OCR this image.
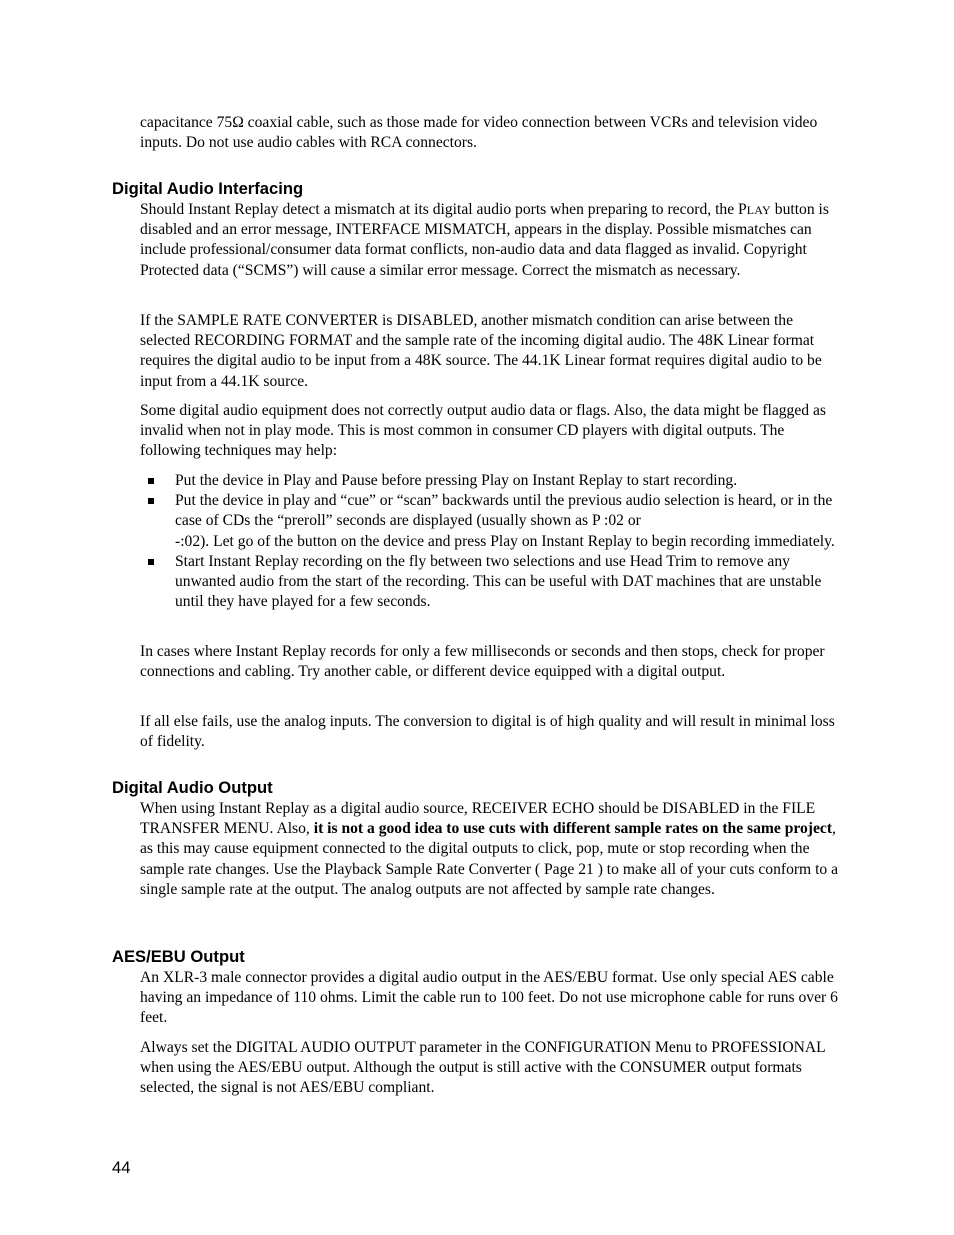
capacitance 75Ω coaxial cable, such as those made for video connection between VCRs and television video inputs. Do not use audio cables with RCA connectors.

Digital Audio Interfacing

Should Instant Replay detect a mismatch at its digital audio ports when preparing to record, the PLAY button is disabled and an error message, INTERFACE MISMATCH, appears in the display. Possible mismatches can include professional/consumer data format conflicts, non-audio data and data flagged as invalid. Copyright Protected data (“SCMS”) will cause a similar error message. Correct the mismatch as necessary.

If the SAMPLE RATE CONVERTER is DISABLED, another mismatch condition can arise between the selected RECORDING FORMAT and the sample rate of the incoming digital audio. The 48K Linear format requires the digital audio to be input from a 48K source. The 44.1K Linear format requires digital audio to be input from a 44.1K source.

Some digital audio equipment does not correctly output audio data or flags. Also, the data might be flagged as invalid when not in play mode. This is most common in consumer CD players with digital outputs. The following techniques may help:

Put the device in Play and Pause before pressing Play on Instant Replay to start recording.
Put the device in play and “cue” or “scan” backwards until the previous audio selection is heard, or in the case of CDs the “preroll” seconds are displayed (usually shown as P :02 or
-:02). Let go of the button on the device and press Play on Instant Replay to begin recording immediately.
Start Instant Replay recording on the fly between two selections and use Head Trim to remove any unwanted audio from the start of the recording. This can be useful with DAT machines that are unstable until they have played for a few seconds.

In cases where Instant Replay records for only a few milliseconds or seconds and then stops, check for proper connections and cabling. Try another cable, or different device equipped with a digital output.

If all else fails, use the analog inputs. The conversion to digital is of high quality and will result in minimal loss of fidelity.

Digital Audio Output

When using Instant Replay as a digital audio source, RECEIVER ECHO should be DISABLED in the FILE TRANSFER MENU. Also, it is not a good idea to use cuts with different sample rates on the same project, as this may cause equipment connected to the digital outputs to click, pop, mute or stop recording when the sample rate changes. Use the Playback Sample Rate Converter ( Page 21 ) to make all of your cuts conform to a single sample rate at the output. The analog outputs are not affected by sample rate changes.

AES/EBU Output

An XLR-3 male connector provides a digital audio output in the AES/EBU format. Use only special AES cable having an impedance of 110 ohms. Limit the cable run to 100 feet. Do not use microphone cable for runs over 6 feet.

Always set the DIGITAL AUDIO OUTPUT parameter in the CONFIGURATION Menu to PROFESSIONAL when using the AES/EBU output. Although the output is still active with the CONSUMER output formats selected, the signal is not AES/EBU compliant.

44
